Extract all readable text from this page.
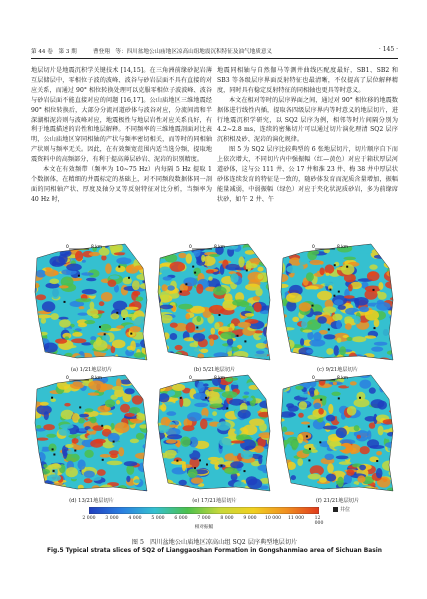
第 44 卷　第 3 期	曹登翔　等：四川盆地公山庙地区凉高山组地震沉积特征及油气地质意义	· 145 ·

地层切片是地震沉积学关键技术 [14,15]。在三角洲前缘砂泥岩薄互层储层中，零相位子波的波峰、波谷与砂岩层面不具有直接的对应关系，而通过 90° 相位转换处理可以克服零相位子波波峰、波谷与砂岩层面不能直接对应的问题 [16,17]。公山庙地区三维地震经 90° 相位转换后，大部分分流河道砂体与波谷对应，分流间湾和半深湖相泥岩则与波峰对应，地震极性与地层岩性对应关系良好，有利于地震描述的岩性和地层解释。不同频率的三维地震剖面对比表明，公山庙地区穿同相轴的产状与频率密切相关，而等时的同相轴产状则与频率无关。因此，在有效频宽范围内适当选分频，提取地震资料中的高频部分，有利于提高薄层砂岩、泥岩的识别精度。

本文在有效频带（频率为 10~75 Hz）内每隔 5 Hz 提取 1 个数据体，在精细的井震标定的基础上，对不同频段数据体同一剖面的同相轴产状、厚度及轴分叉等反射特征对比分析，当频率为 40 Hz 时，

地震同相轴与自然伽马等测井曲线匹配度最好，SB1、SB2 和 SB3 等各级层序界面反射特征也最清晰，不仅提高了层位解释精度，同时具有稳定反射特征的同相轴也更具等时意义。

本文在相对等时的层序界面之间，通过对 90° 相位移的地震数据体进行线性内插，提取各四级层序界内等时意义的地层切片，进行地震沉积学研究，以 SQ2 层序为例，相邻等时片间隔分别为 4.2~2.8 ms，连续的密集切片可以通过切片演化理清 SQ2 层序沉积相及砂、泥岩的演化规律。

图 5 为 SQ2 层序比较典型的 6 张地层切片，切片顺序自下而上依次增大，不同切片内中强振幅（红—黄色）对应于箱状厚层河道砂体，这与公 111 井、公 17 井和淮 23 井、梅 38 井中厚层状砂体连续发育的特征是一致的，随砂体发育而泥质含量增加，振幅能量减弱，中弱振幅（绿色）对应于夹化状泥质砂岩，多为前缘席状砂，如午 2 井、午

0	8 km
(a) 1/21地层切片
0	8 km
(b) 5/21地层切片
0	8 km
(c) 9/21地层切片
0	8 km
(d) 13/21地层切片
0	8 km
(e) 17/21地层切片
0	8 km
(f) 21/21地层切片
2 000 3 000 4 000 5 000 6 000 7 000 8 000 9 000 10 000 11 000 12 000
相对振幅
井位
图 5　四川盆地公山庙地区凉高山组 SQ2 层序典型地层切片
Fig.5 Typical strata slices of SQ2 of Lianggaoshan Formation in Gongshanmiao area of Sichuan Basin
